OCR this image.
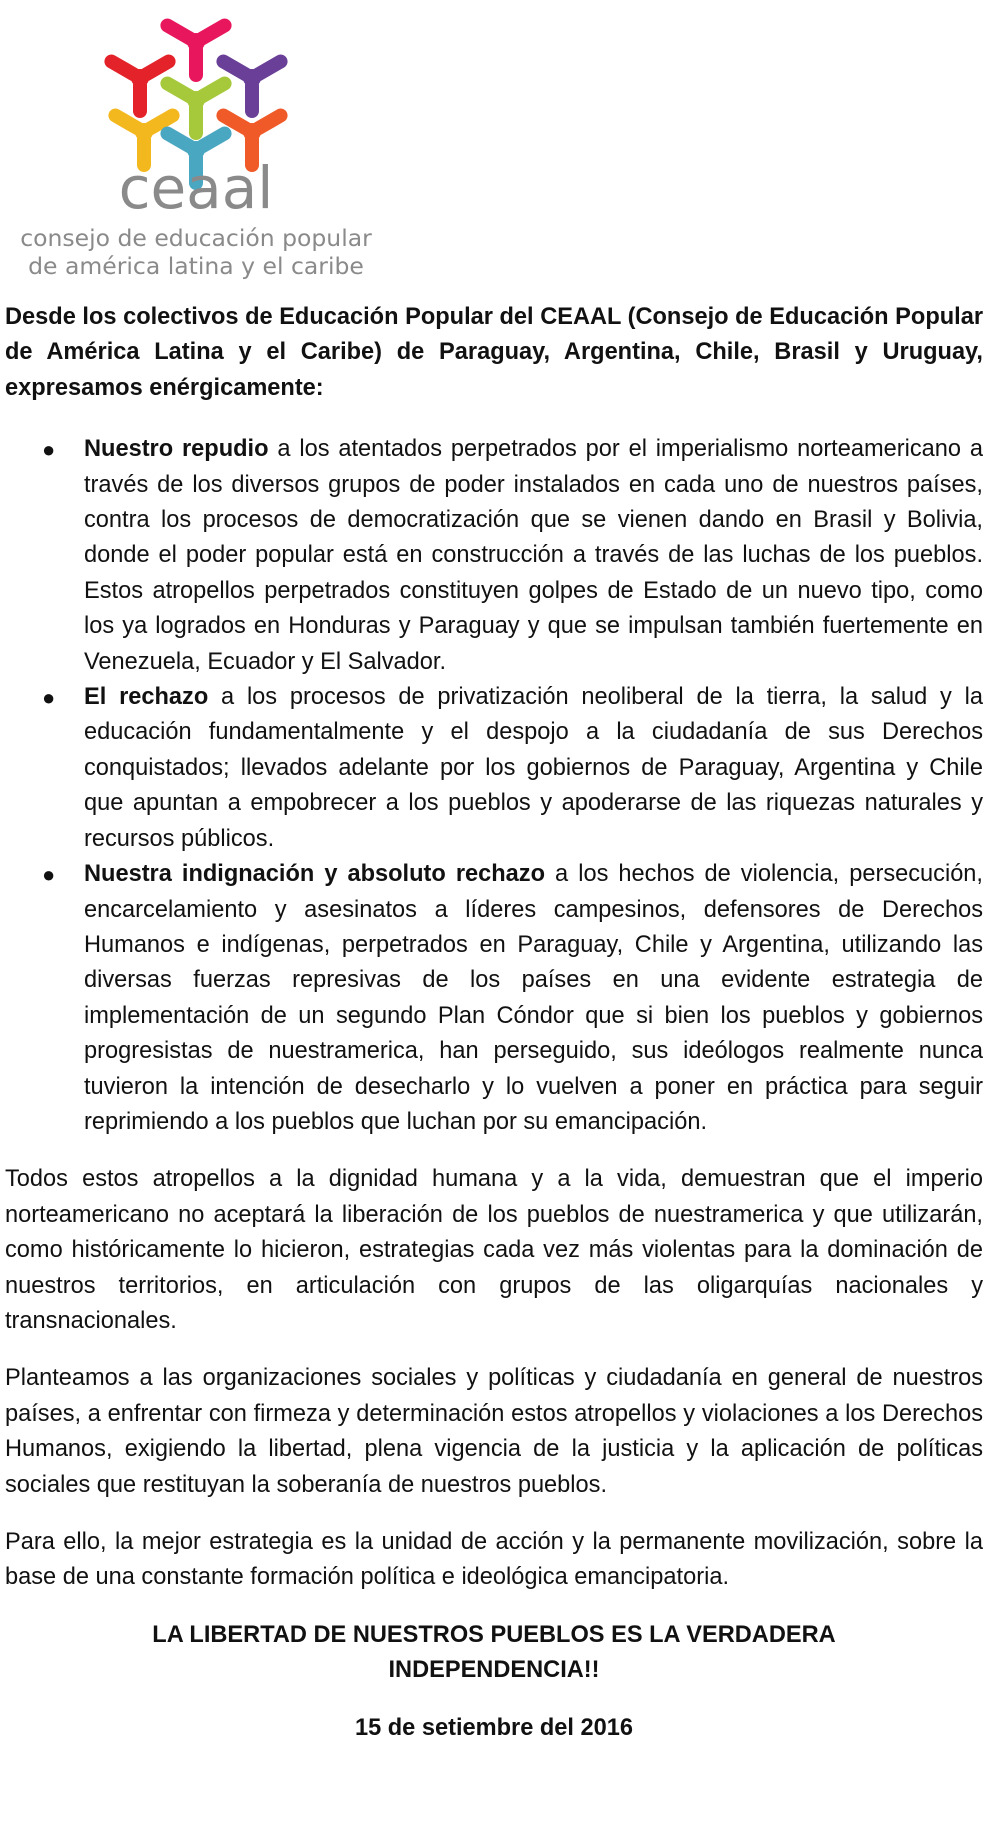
ceaal
consejo de educación popular
de américa latina y el caribe

Desde los colectivos de Educación Popular del CEAAL (Consejo de Educación Popular de América Latina y el Caribe) de Paraguay, Argentina, Chile, Brasil y Uruguay, expresamos enérgicamente:

● Nuestro repudio a los atentados perpetrados por el imperialismo norteamericano a través de los diversos grupos de poder instalados en cada uno de nuestros países, contra los procesos de democratización que se vienen dando en Brasil y Bolivia, donde el poder popular está en construcción a través de las luchas de los pueblos. Estos atropellos perpetrados constituyen golpes de Estado de un nuevo tipo, como los ya logrados en Honduras y Paraguay y que se impulsan también fuertemente en Venezuela, Ecuador y El Salvador.
● El rechazo a los procesos de privatización neoliberal de la tierra, la salud y la educación fundamentalmente y el despojo a la ciudadanía de sus Derechos conquistados; llevados adelante por los gobiernos de Paraguay, Argentina y Chile que apuntan a empobrecer a los pueblos y apoderarse de las riquezas naturales y recursos públicos.
● Nuestra indignación y absoluto rechazo a los hechos de violencia, persecución, encarcelamiento y asesinatos a líderes campesinos, defensores de Derechos Humanos e indígenas, perpetrados en Paraguay, Chile y Argentina, utilizando las diversas fuerzas represivas de los países en una evidente estrategia de implementación de un segundo Plan Cóndor que si bien los pueblos y gobiernos progresistas de nuestramerica, han perseguido, sus ideólogos realmente nunca tuvieron la intención de desecharlo y lo vuelven a poner en práctica para seguir reprimiendo a los pueblos que luchan por su emancipación.

Todos estos atropellos a la dignidad humana y a la vida, demuestran que el imperio norteamericano no aceptará la liberación de los pueblos de nuestramerica y que utilizarán, como históricamente lo hicieron, estrategias cada vez más violentas para la dominación de nuestros territorios, en articulación con grupos de las oligarquías nacionales y transnacionales.

Planteamos a las organizaciones sociales y políticas y ciudadanía en general de nuestros países, a enfrentar con firmeza y determinación estos atropellos y violaciones a los Derechos Humanos, exigiendo la libertad, plena vigencia de la justicia y la aplicación de políticas sociales que restituyan la soberanía de nuestros pueblos.

Para ello, la mejor estrategia es la unidad de acción y la permanente movilización, sobre la base de una constante formación política e ideológica emancipatoria.

LA LIBERTAD DE NUESTROS PUEBLOS ES LA VERDADERA INDEPENDENCIA!!

15 de setiembre del 2016
